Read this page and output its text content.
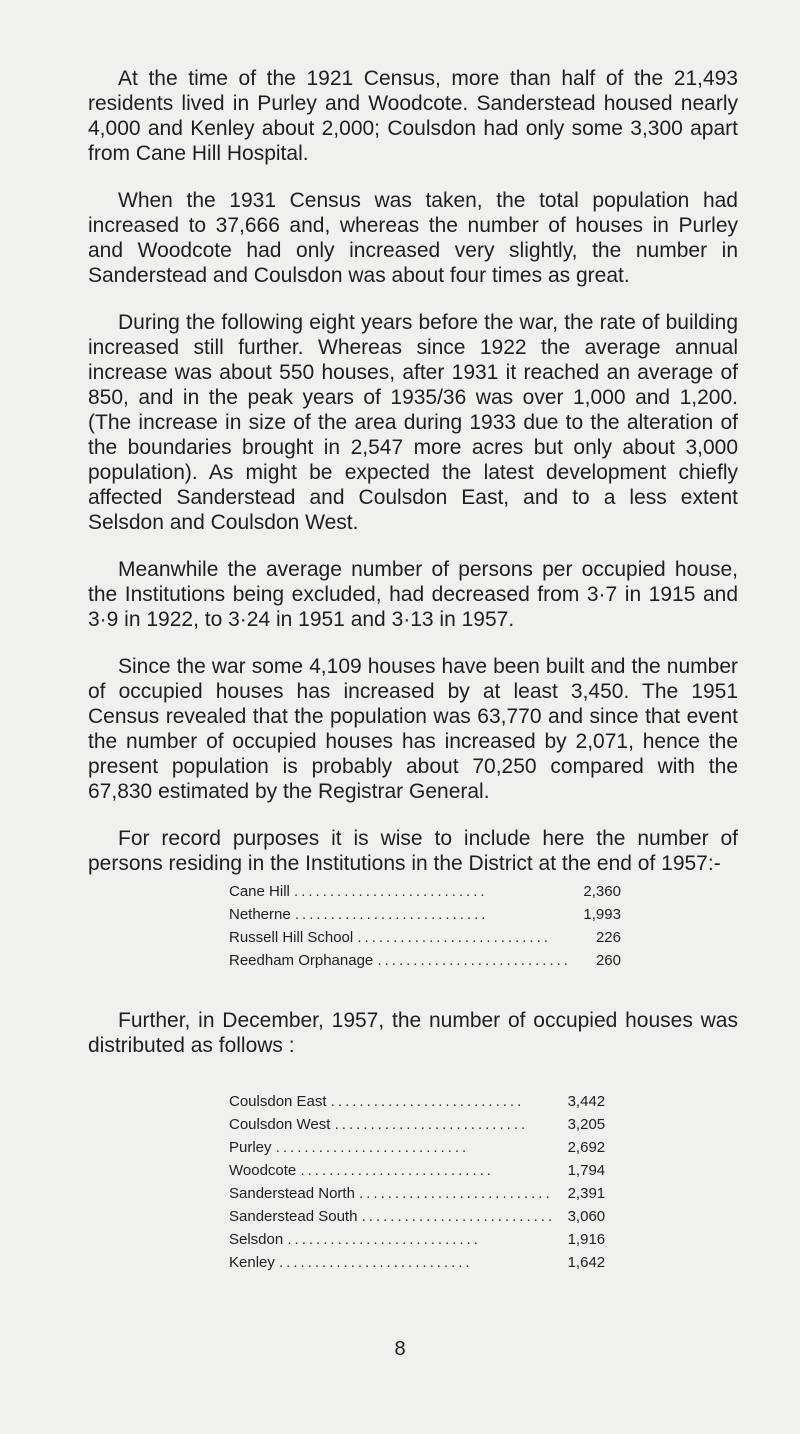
At the time of the 1921 Census, more than half of the 21,493 residents lived in Purley and Woodcote. Sanderstead housed nearly 4,000 and Kenley about 2,000; Coulsdon had only some 3,300 apart from Cane Hill Hospital.

When the 1931 Census was taken, the total population had increased to 37,666 and, whereas the number of houses in Purley and Woodcote had only increased very slightly, the number in Sanderstead and Coulsdon was about four times as great.

During the following eight years before the war, the rate of building increased still further. Whereas since 1922 the average annual increase was about 550 houses, after 1931 it reached an average of 850, and in the peak years of 1935/36 was over 1,000 and 1,200. (The increase in size of the area during 1933 due to the alteration of the boundaries brought in 2,547 more acres but only about 3,000 population). As might be expected the latest development chiefly affected Sanderstead and Coulsdon East, and to a less extent Selsdon and Coulsdon West.

Meanwhile the average number of persons per occupied house, the Institutions being excluded, had decreased from 3·7 in 1915 and 3·9 in 1922, to 3·24 in 1951 and 3·13 in 1957.

Since the war some 4,109 houses have been built and the number of occupied houses has increased by at least 3,450. The 1951 Census revealed that the population was 63,770 and since that event the number of occupied houses has increased by 2,071, hence the present population is probably about 70,250 compared with the 67,830 estimated by the Registrar General.

For record purposes it is wise to include here the number of persons residing in the Institutions in the District at the end of 1957:-

Cane Hill ...........................	2,360
Netherne ...........................	1,993
Russell Hill School ...........................	226
Reedham Orphanage ...........................	260

Further, in December, 1957, the number of occupied houses was distributed as follows :

Coulsdon East ...........................	3,442
Coulsdon West ...........................	3,205
Purley ...........................	2,692
Woodcote ...........................	1,794
Sanderstead North ...........................	2,391
Sanderstead South ...........................	3,060
Selsdon ...........................	1,916
Kenley ...........................	1,642
8
